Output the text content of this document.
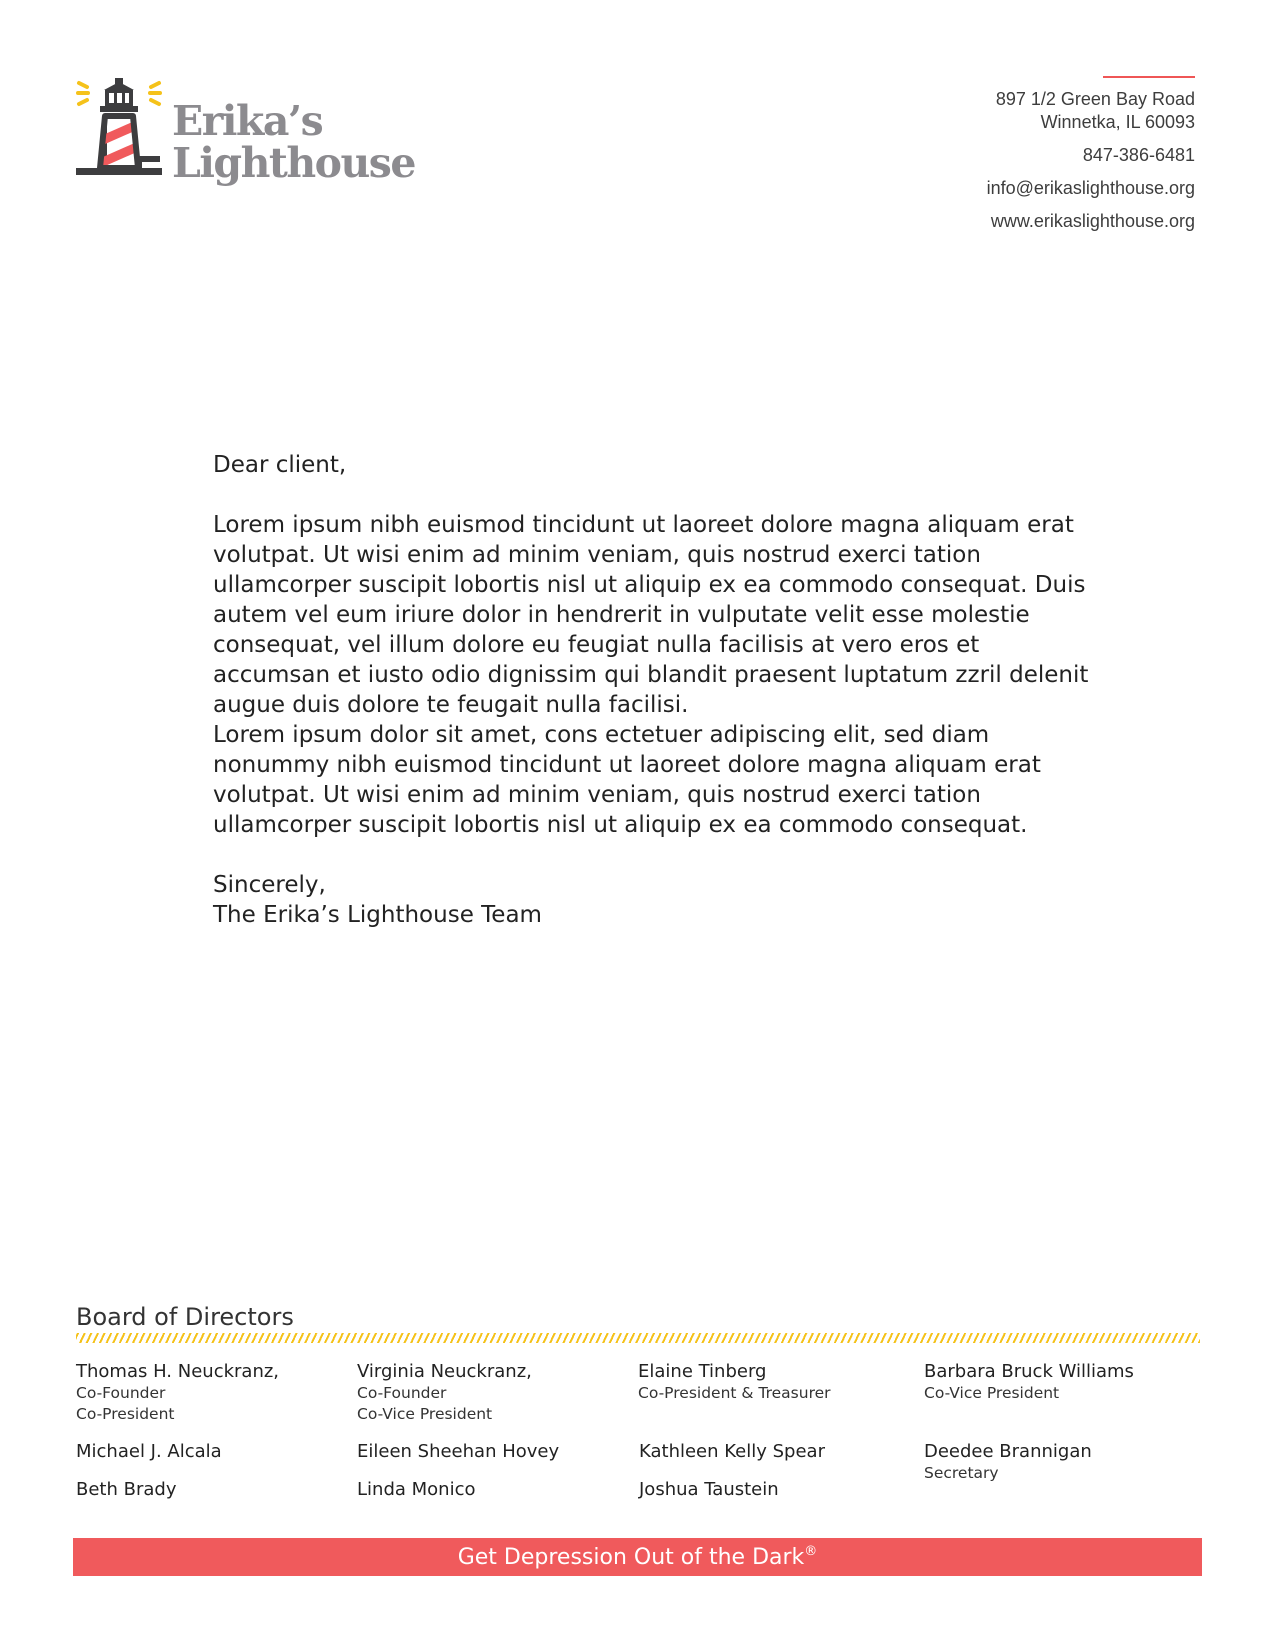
Erika’s
Lighthouse
897 1/2 Green Bay Road
Winnetka, IL 60093
847-386-6481
info@erikaslighthouse.org
www.erikaslighthouse.org

Dear client,

Lorem ipsum nibh euismod tincidunt ut laoreet dolore magna aliquam erat volutpat. Ut wisi enim ad minim veniam, quis nostrud exerci tation ullamcorper suscipit lobortis nisl ut aliquip ex ea commodo consequat. Duis autem vel eum iriure dolor in hendrerit in vulputate velit esse molestie consequat, vel illum dolore eu feugiat nulla facilisis at vero eros et accumsan et iusto odio dignissim qui blandit praesent luptatum zzril delenit augue duis dolore te feugait nulla facilisi.

Lorem ipsum dolor sit amet, cons ectetuer adipiscing elit, sed diam nonummy nibh euismod tincidunt ut laoreet dolore magna aliquam erat volutpat. Ut wisi enim ad minim veniam, quis nostrud exerci tation ullamcorper suscipit lobortis nisl ut aliquip ex ea commodo consequat.

Sincerely,

The Erika’s Lighthouse Team

Board of Directors
Thomas H. Neuckranz,
Co-Founder
Co-President
Michael J. Alcala
Beth Brady
Virginia Neuckranz,
Co-Founder
Co-Vice President
Eileen Sheehan Hovey
Linda Monico
Elaine Tinberg
Co-President & Treasurer
Kathleen Kelly Spear
Joshua Taustein
Barbara Bruck Williams
Co-Vice President
Deedee Brannigan
Secretary
Get Depression Out of the Dark®
